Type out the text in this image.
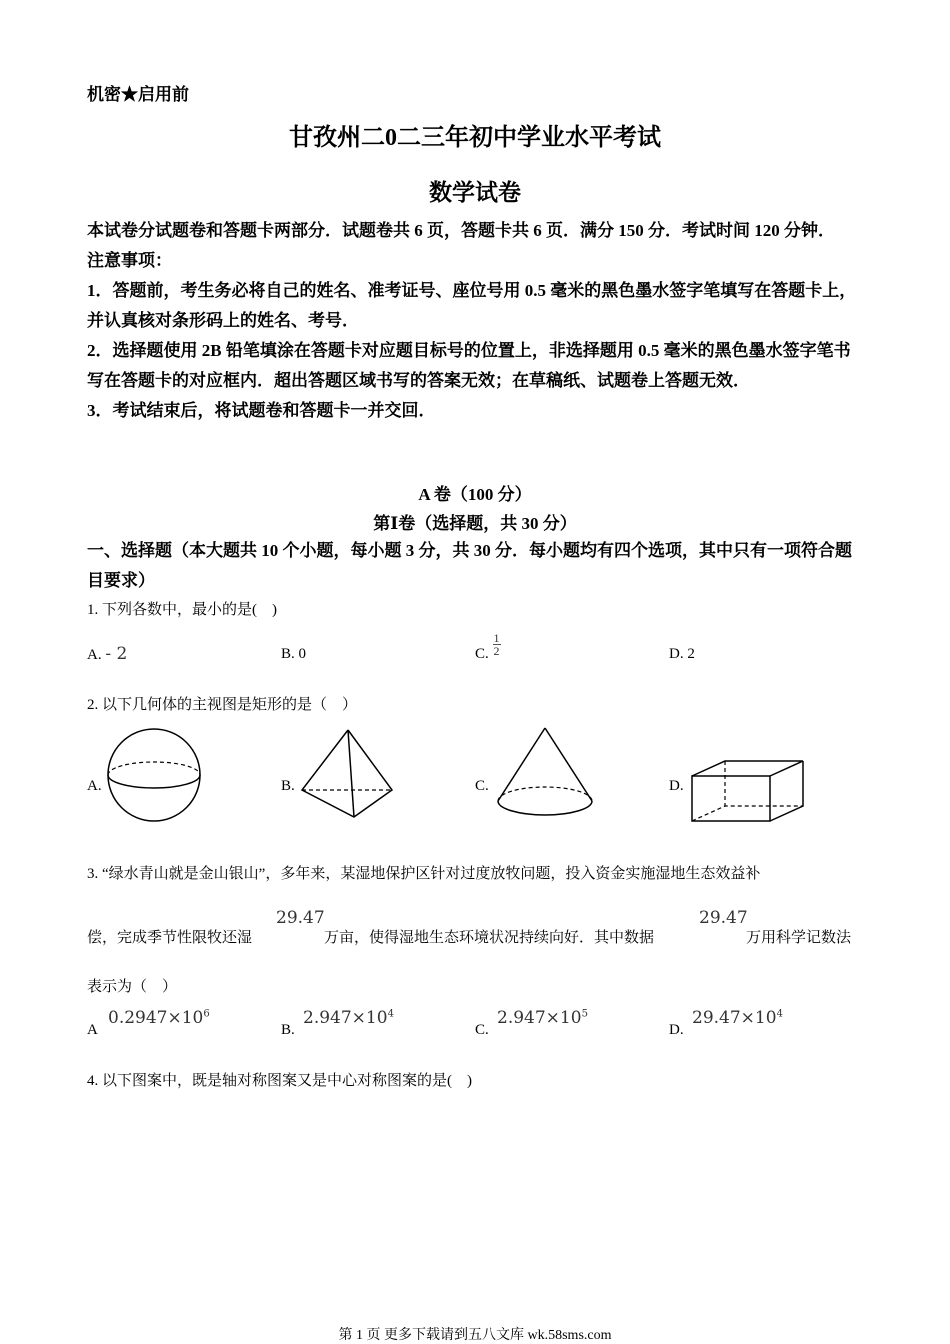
机密★启用前
甘孜州二0二三年初中学业水平考试
数学试卷

本试卷分试题卷和答题卡两部分．试题卷共 6 页，答题卡共 6 页．满分 150 分．考试时间 120 分钟．

注意事项：

1．答题前，考生务必将自己的姓名、准考证号、座位号用 0.5 毫米的黑色墨水签字笔填写在答题卡上，并认真核对条形码上的姓名、考号．

2．选择题使用 2B 铅笔填涂在答题卡对应题目标号的位置上，非选择题用 0.5 毫米的黑色墨水签字笔书写在答题卡的对应框内．超出答题区域书写的答案无效；在草稿纸、试题卷上答题无效．

3．考试结束后，将试题卷和答题卡一并交回．

A 卷（100 分）
第Ⅰ卷（选择题，共 30 分）
一、选择题（本大题共 10 个小题，每小题 3 分，共 30 分．每小题均有四个选项，其中只有一项符合题目要求）
1. 下列各数中，最小的是(　)
A. - 2	B. 0	C. $\frac{1}{2}$	D. 2
2. 以下几何体的主视图是矩形的是（　）
A.	B.	C.	D.
3. “绿水青山就是金山银山”，多年来，某湿地保护区针对过度放牧问题，投入资金实施湿地生态效益补
偿，完成季节性限牧还湿
29.47
万亩，使得湿地生态环境状况持续向好．其中数据
29.47
万用科学记数法
表示为（　）
A
$0.2947\times 10^6$
B.
$2.947\times 10^4$
C.
$2.947\times 10^5$
D.
$29.47\times 10^4$
4. 以下图案中，既是轴对称图案又是中心对称图案的是(　)
第 1 页 更多下载请到五八文库 wk.58sms.com
